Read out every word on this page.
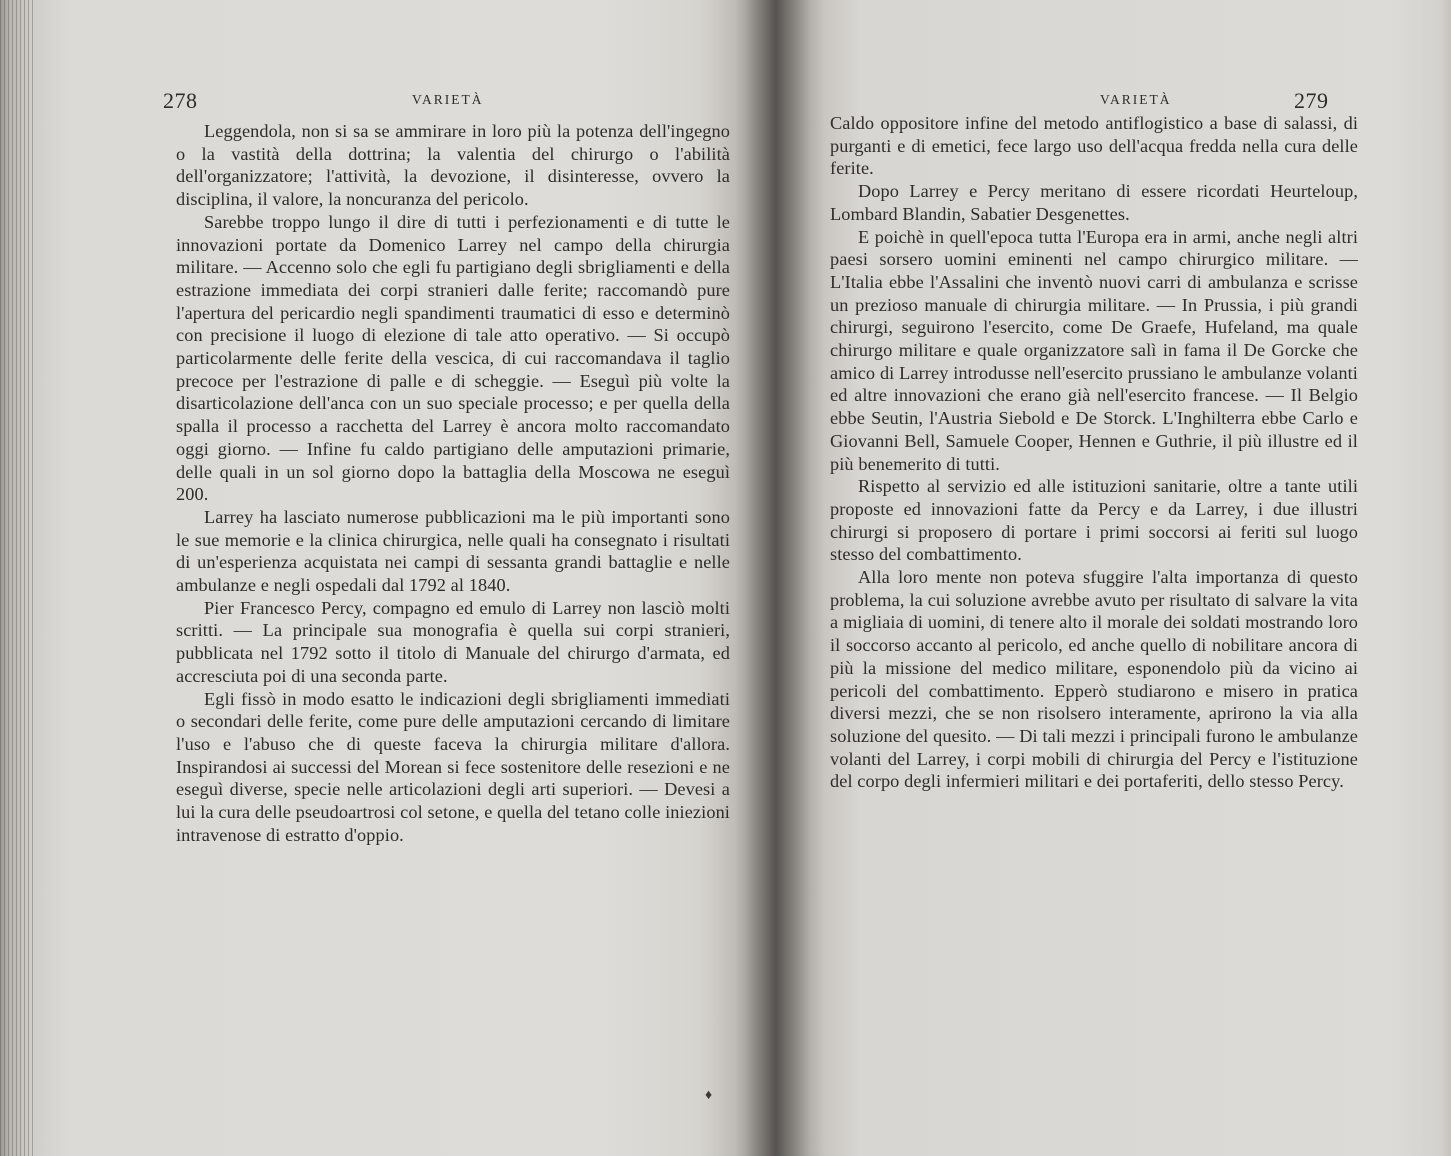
278	VARIETÀ

Leggendola, non si sa se ammirare in loro più la potenza dell'ingegno o la vastità della dottrina; la valentia del chirurgo o l'abilità dell'organizzatore; l'attività, la devozione, il disinteresse, ovvero la disciplina, il valore, la noncuranza del pericolo.

Sarebbe troppo lungo il dire di tutti i perfezionamenti e di tutte le innovazioni portate da Domenico Larrey nel campo della chirurgia militare. — Accenno solo che egli fu partigiano degli sbrigliamenti e della estrazione immediata dei corpi stranieri dalle ferite; raccomandò pure l'apertura del pericardio negli spandimenti traumatici di esso e determinò con precisione il luogo di elezione di tale atto operativo. — Si occupò particolarmente delle ferite della vescica, di cui raccomandava il taglio precoce per l'estrazione di palle e di scheggie. — Eseguì più volte la disarticolazione dell'anca con un suo speciale processo; e per quella della spalla il processo a racchetta del Larrey è ancora molto raccomandato oggi giorno. — Infine fu caldo partigiano delle amputazioni primarie, delle quali in un sol giorno dopo la battaglia della Moscowa ne eseguì 200.

Larrey ha lasciato numerose pubblicazioni ma le più importanti sono le sue memorie e la clinica chirurgica, nelle quali ha consegnato i risultati di un'esperienza acquistata nei campi di sessanta grandi battaglie e nelle ambulanze e negli ospedali dal 1792 al 1840.

Pier Francesco Percy, compagno ed emulo di Larrey non lasciò molti scritti. — La principale sua monografia è quella sui corpi stranieri, pubblicata nel 1792 sotto il titolo di Manuale del chirurgo d'armata, ed accresciuta poi di una seconda parte.

Egli fissò in modo esatto le indicazioni degli sbrigliamenti immediati o secondari delle ferite, come pure delle amputazioni cercando di limitare l'uso e l'abuso che di queste faceva la chirurgia militare d'allora. Inspirandosi ai successi del Morean si fece sostenitore delle resezioni e ne eseguì diverse, specie nelle articolazioni degli arti superiori. — Devesi a lui la cura delle pseudoartrosi col setone, e quella del tetano colle iniezioni intravenose di estratto d'oppio.

♦
VARIETÀ	279

Caldo oppositore infine del metodo antiflogistico a base di salassi, di purganti e di emetici, fece largo uso dell'acqua fredda nella cura delle ferite.

Dopo Larrey e Percy meritano di essere ricordati Heurteloup, Lombard Blandin, Sabatier Desgenettes.

E poichè in quell'epoca tutta l'Europa era in armi, anche negli altri paesi sorsero uomini eminenti nel campo chirurgico militare. — L'Italia ebbe l'Assalini che inventò nuovi carri di ambulanza e scrisse un prezioso manuale di chirurgia militare. — In Prussia, i più grandi chirurgi, seguirono l'esercito, come De Graefe, Hufeland, ma quale chirurgo militare e quale organizzatore salì in fama il De Gorcke che amico di Larrey introdusse nell'esercito prussiano le ambulanze volanti ed altre innovazioni che erano già nell'esercito francese. — Il Belgio ebbe Seutin, l'Austria Siebold e De Storck. L'Inghilterra ebbe Carlo e Giovanni Bell, Samuele Cooper, Hennen e Guthrie, il più illustre ed il più benemerito di tutti.

Rispetto al servizio ed alle istituzioni sanitarie, oltre a tante utili proposte ed innovazioni fatte da Percy e da Larrey, i due illustri chirurgi si proposero di portare i primi soccorsi ai feriti sul luogo stesso del combattimento.

Alla loro mente non poteva sfuggire l'alta importanza di questo problema, la cui soluzione avrebbe avuto per risultato di salvare la vita a migliaia di uomini, di tenere alto il morale dei soldati mostrando loro il soccorso accanto al pericolo, ed anche quello di nobilitare ancora di più la missione del medico militare, esponendolo più da vicino ai pericoli del combattimento. Epperò studiarono e misero in pratica diversi mezzi, che se non risolsero interamente, aprirono la via alla soluzione del quesito. — Di tali mezzi i principali furono le ambulanze volanti del Larrey, i corpi mobili di chirurgia del Percy e l'istituzione del corpo degli infermieri militari e dei portaferiti, dello stesso Percy.
